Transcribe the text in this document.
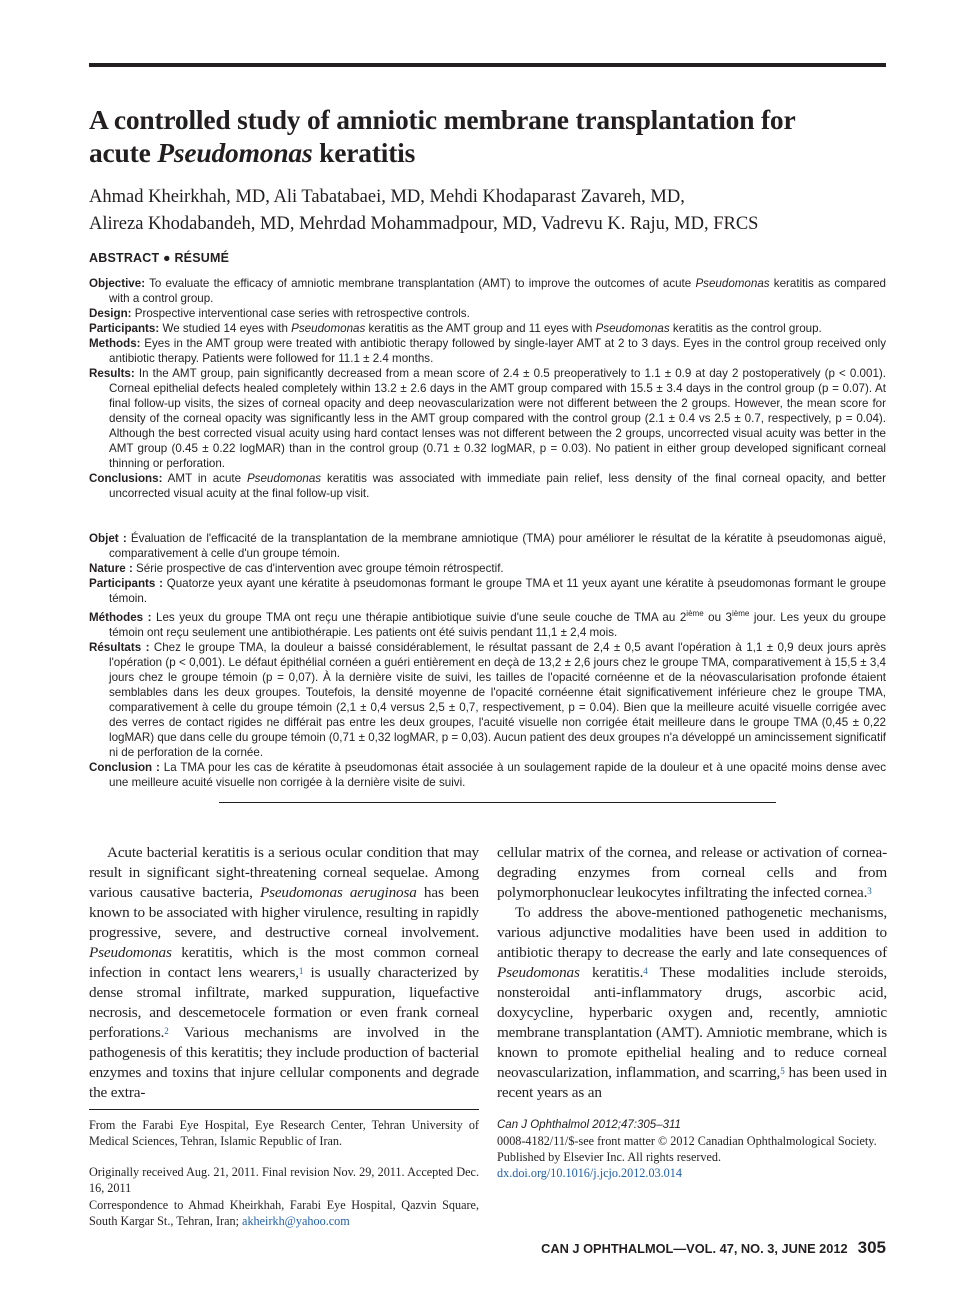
A controlled study of amniotic membrane transplantation for
acute Pseudomonas keratitis
Ahmad Kheirkhah, MD, Ali Tabatabaei, MD, Mehdi Khodaparast Zavareh, MD,
Alireza Khodabandeh, MD, Mehrdad Mohammadpour, MD, Vadrevu K. Raju, MD, FRCS
ABSTRACT ● RÉSUMÉ

Objective: To evaluate the efficacy of amniotic membrane transplantation (AMT) to improve the outcomes of acute Pseudomonas keratitis as compared with a control group.

Design: Prospective interventional case series with retrospective controls.

Participants: We studied 14 eyes with Pseudomonas keratitis as the AMT group and 11 eyes with Pseudomonas keratitis as the control group.

Methods: Eyes in the AMT group were treated with antibiotic therapy followed by single-layer AMT at 2 to 3 days. Eyes in the control group received only antibiotic therapy. Patients were followed for 11.1 ± 2.4 months.

Results: In the AMT group, pain significantly decreased from a mean score of 2.4 ± 0.5 preoperatively to 1.1 ± 0.9 at day 2 postoperatively (p < 0.001). Corneal epithelial defects healed completely within 13.2 ± 2.6 days in the AMT group compared with 15.5 ± 3.4 days in the control group (p = 0.07). At final follow-up visits, the sizes of corneal opacity and deep neovascularization were not different between the 2 groups. However, the mean score for density of the corneal opacity was significantly less in the AMT group compared with the control group (2.1 ± 0.4 vs 2.5 ± 0.7, respectively, p = 0.04). Although the best corrected visual acuity using hard contact lenses was not different between the 2 groups, uncorrected visual acuity was better in the AMT group (0.45 ± 0.22 logMAR) than in the control group (0.71 ± 0.32 logMAR, p = 0.03). No patient in either group developed significant corneal thinning or perforation.

Conclusions: AMT in acute Pseudomonas keratitis was associated with immediate pain relief, less density of the final corneal opacity, and better uncorrected visual acuity at the final follow-up visit.

Objet : Évaluation de l'efficacité de la transplantation de la membrane amniotique (TMA) pour améliorer le résultat de la kératite à pseudomonas aiguë, comparativement à celle d'un groupe témoin.

Nature : Série prospective de cas d'intervention avec groupe témoin rétrospectif.

Participants : Quatorze yeux ayant une kératite à pseudomonas formant le groupe TMA et 11 yeux ayant une kératite à pseudomonas formant le groupe témoin.

Méthodes : Les yeux du groupe TMA ont reçu une thérapie antibiotique suivie d'une seule couche de TMA au 2ième ou 3ième jour. Les yeux du groupe témoin ont reçu seulement une antibiothérapie. Les patients ont été suivis pendant 11,1 ± 2,4 mois.

Résultats : Chez le groupe TMA, la douleur a baissé considérablement, le résultat passant de 2,4 ± 0,5 avant l'opération à 1,1 ± 0,9 deux jours après l'opération (p < 0,001). Le défaut épithélial cornéen a guéri entièrement en deçà de 13,2 ± 2,6 jours chez le groupe TMA, comparativement à 15,5 ± 3,4 jours chez le groupe témoin (p = 0,07). À la dernière visite de suivi, les tailles de l'opacité cornéenne et de la néovascularisation profonde étaient semblables dans les deux groupes. Toutefois, la densité moyenne de l'opacité cornéenne était significativement inférieure chez le groupe TMA, comparativement à celle du groupe témoin (2,1 ± 0,4 versus 2,5 ± 0,7, respectivement, p = 0.04). Bien que la meilleure acuité visuelle corrigée avec des verres de contact rigides ne différait pas entre les deux groupes, l'acuité visuelle non corrigée était meilleure dans le groupe TMA (0,45 ± 0,22 logMAR) que dans celle du groupe témoin (0,71 ± 0,32 logMAR, p = 0,03). Aucun patient des deux groupes n'a développé un amincissement significatif ni de perforation de la cornée.

Conclusion : La TMA pour les cas de kératite à pseudomonas était associée à un soulagement rapide de la douleur et à une opacité moins dense avec une meilleure acuité visuelle non corrigée à la dernière visite de suivi.

Acute bacterial keratitis is a serious ocular condition that may result in significant sight-threatening corneal sequelae. Among various causative bacteria, Pseudomonas aeruginosa has been known to be associated with higher virulence, resulting in rapidly progressive, severe, and destructive corneal involvement. Pseudomonas keratitis, which is the most common corneal infection in contact lens wearers,$^1$ is usually characterized by dense stromal infiltrate, marked suppuration, liquefactive necrosis, and descemetocele formation or even frank corneal perforations.$^2$ Various mechanisms are involved in the pathogenesis of this keratitis; they include production of bacterial enzymes and toxins that injure cellular components and degrade the extra-

cellular matrix of the cornea, and release or activation of cornea-degrading enzymes from corneal cells and from polymorphonuclear leukocytes infiltrating the infected cornea.$^3$

To address the above-mentioned pathogenetic mechanisms, various adjunctive modalities have been used in addition to antibiotic therapy to decrease the early and late consequences of Pseudomonas keratitis.$^4$ These modalities include steroids, nonsteroidal anti-inflammatory drugs, ascorbic acid, doxycycline, hyperbaric oxygen and, recently, amniotic membrane transplantation (AMT). Amniotic membrane, which is known to promote epithelial healing and to reduce corneal neovascularization, inflammation, and scarring,$^5$ has been used in recent years as an

From the Farabi Eye Hospital, Eye Research Center, Tehran University of Medical Sciences, Tehran, Islamic Republic of Iran.
Originally received Aug. 21, 2011. Final revision Nov. 29, 2011. Accepted Dec. 16, 2011
Correspondence to Ahmad Kheirkhah, Farabi Eye Hospital, Qazvin Square, South Kargar St., Tehran, Iran; akheirkh@yahoo.com
Can J Ophthalmol 2012;47:305–311
0008-4182/11/$-see front matter © 2012 Canadian Ophthalmological Society.
Published by Elsevier Inc. All rights reserved.
dx.doi.org/10.1016/j.jcjo.2012.03.014
CAN J OPHTHALMOL—VOL. 47, NO. 3, JUNE 2012 305
